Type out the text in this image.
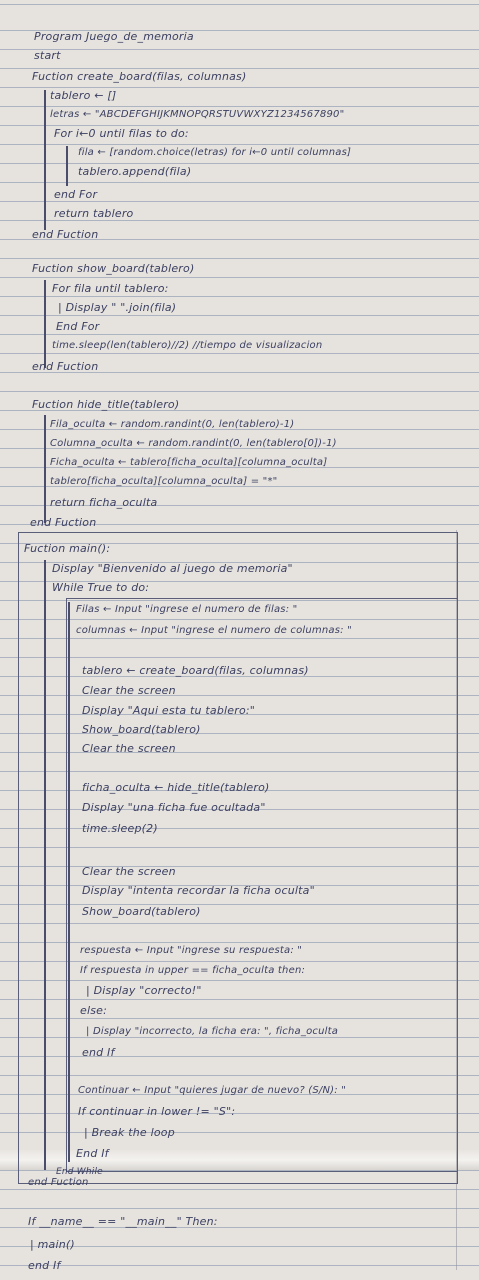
Program Juego_de_memoria
start
Fuction create_board(filas, columnas)
tablero ← []
letras ← "ABCDEFGHIJKMNOPQRSTUVWXYZ1234567890"
For i←0 until filas to do:
fila ← [random.choice(letras) for i←0 until columnas]
tablero.append(fila)
end For
return tablero
end Fuction
Fuction show_board(tablero)
For fila until tablero:
| Display " ".join(fila)
End For
time.sleep(len(tablero)//2) //tiempo de visualizacion
end Fuction
Fuction hide_title(tablero)
Fila_oculta ← random.randint(0, len(tablero)-1)
Columna_oculta ← random.randint(0, len(tablero[0])-1)
Ficha_oculta ← tablero[ficha_oculta][columna_oculta]
tablero[ficha_oculta][columna_oculta] = "*"
return ficha_oculta
end Fuction
Fuction main():
Display "Bienvenido al juego de memoria"
While True to do:
Filas ← Input "ingrese el numero de filas: "
columnas ← Input "ingrese el numero de columnas: "
tablero ← create_board(filas, columnas)
Clear the screen
Display "Aqui esta tu tablero:"
Show_board(tablero)
Clear the screen
ficha_oculta ← hide_title(tablero)
Display "una ficha fue ocultada"
time.sleep(2)
Clear the screen
Display "intenta recordar la ficha oculta"
Show_board(tablero)
respuesta ← Input "ingrese su respuesta: "
If respuesta in upper == ficha_oculta then:
| Display "correcto!"
else:
| Display "incorrecto, la ficha era: ", ficha_oculta
end If
Continuar ← Input "quieres jugar de nuevo? (S/N): "
If continuar in lower != "S":
| Break the loop
End If
End While
end Fuction
If __name__ == "__main__" Then:
| main()
end If
